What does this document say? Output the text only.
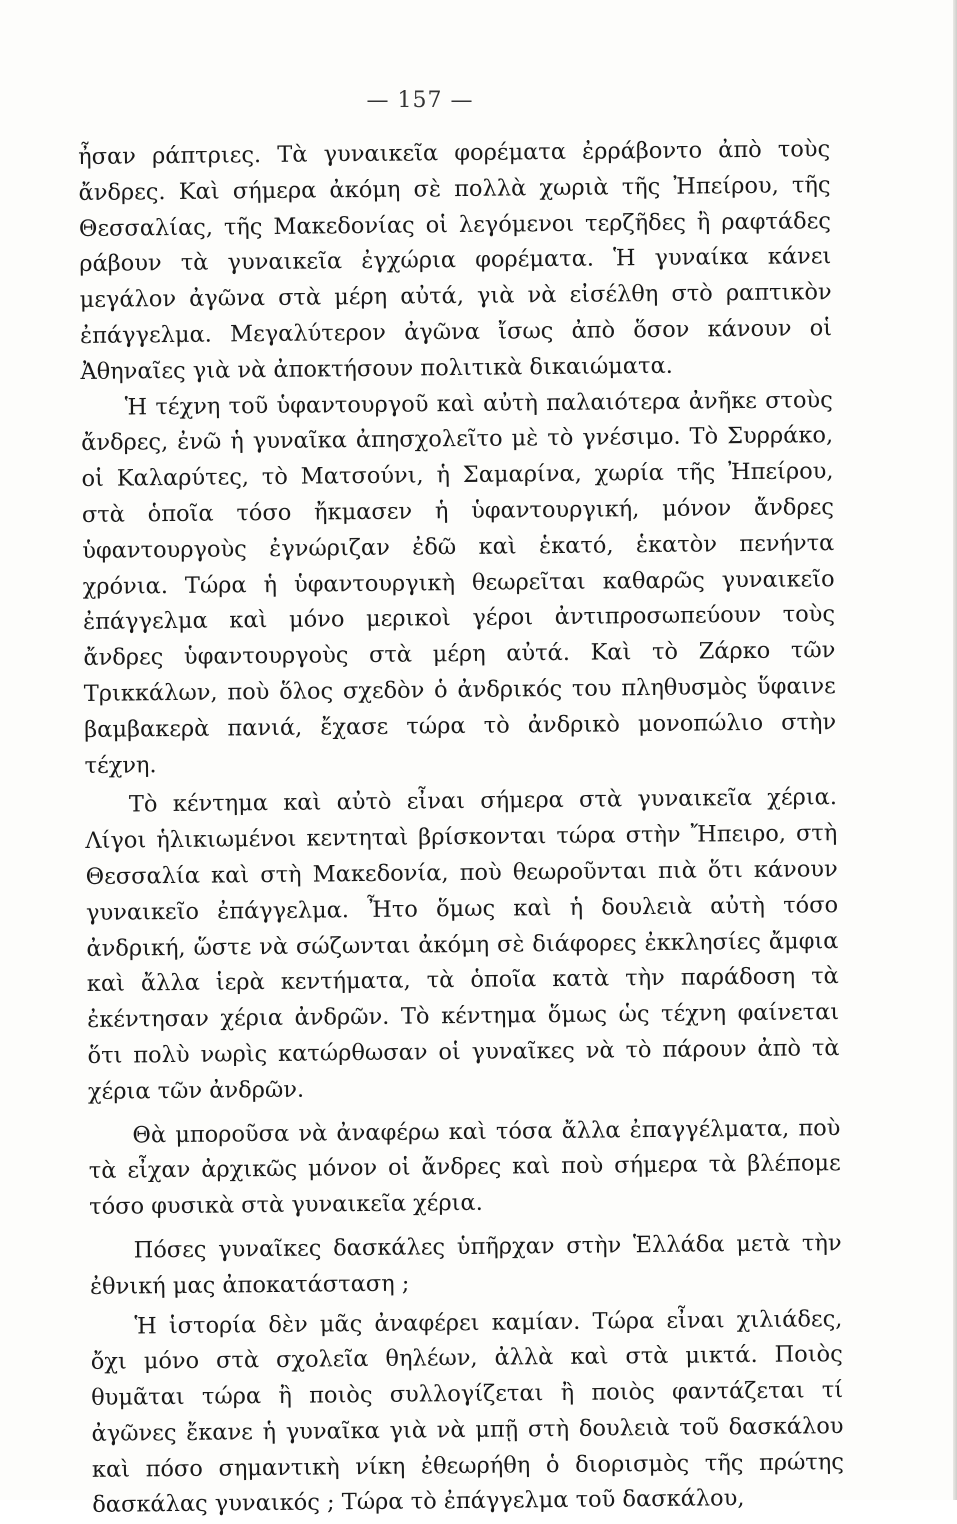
— 157 —

ἦσαν ράπτριες. Τὰ γυναικεῖα φορέματα ἐρράβοντο ἀπὸ τοὺς ἄνδρες. Καὶ σήμερα ἀκόμη σὲ πολλὰ χωριὰ τῆς Ἠπείρου, τῆς Θεσσαλίας, τῆς Μακεδονίας οἱ λεγόμενοι τερζῆδες ἢ ραφτάδες ράβουν τὰ γυναικεῖα ἐγχώρια φορέματα. Ἡ γυναίκα κάνει μεγάλον ἀγῶνα στὰ μέρη αὐτά, γιὰ νὰ εἰσέλθη στὸ ραπτικὸν ἐπάγγελμα. Μεγαλύτερον ἀγῶνα ἴσως ἀπὸ ὅσον κάνουν οἱ Ἀθηναῖες γιὰ νὰ ἀποκτήσουν πολιτικὰ δικαιώματα.

Ἡ τέχνη τοῦ ὑφαντουργοῦ καὶ αὐτὴ παλαιότερα ἀνῆκε στοὺς ἄνδρες, ἐνῶ ἡ γυναῖκα ἀπησχολεῖτο μὲ τὸ γνέσιμο. Τὸ Συρράκο, οἱ Καλαρύτες, τὸ Ματσούνι, ἡ Σαμαρίνα, χωρία τῆς Ἠπείρου, στὰ ὁποῖα τόσο ἤκμασεν ἡ ὑφαντουργική, μόνον ἄνδρες ὑφαντουργοὺς ἐγνώριζαν ἐδῶ καὶ ἑκατό, ἑκατὸν πενήντα χρόνια. Τώρα ἡ ὑφαντουργικὴ θεωρεῖται καθαρῶς γυναικεῖο ἐπάγγελμα καὶ μόνο μερικοὶ γέροι ἀντιπροσωπεύουν τοὺς ἄνδρες ὑφαντουργοὺς στὰ μέρη αὐτά. Καὶ τὸ Ζάρκο τῶν Τρικκάλων, ποὺ ὅλος σχεδὸν ὁ ἀνδρικός του πληθυσμὸς ὕφαινε βαμβακερὰ πανιά, ἔχασε τώρα τὸ ἀνδρικὸ μονοπώλιο στὴν τέχνη.

Τὸ κέντημα καὶ αὐτὸ εἶναι σήμερα στὰ γυναικεῖα χέρια. Λίγοι ἡλικιωμένοι κεντηταὶ βρίσκονται τώρα στὴν Ἤπειρο, στὴ Θεσσαλία καὶ στὴ Μακεδονία, ποὺ θεωροῦνται πιὰ ὅτι κάνουν γυναικεῖο ἐπάγγελμα. Ἦτο ὅμως καὶ ἡ δουλειὰ αὐτὴ τόσο ἀνδρική, ὥστε νὰ σώζωνται ἀκόμη σὲ διάφορες ἐκκλησίες ἄμφια καὶ ἄλλα ἱερὰ κεντήματα, τὰ ὁποῖα κατὰ τὴν παράδοση τὰ ἐκέντησαν χέρια ἀνδρῶν. Τὸ κέντημα ὅμως ὡς τέχνη φαίνεται ὅτι πολὺ νωρὶς κατώρθωσαν οἱ γυναῖκες νὰ τὸ πάρουν ἀπὸ τὰ χέρια τῶν ἀνδρῶν.

Θὰ μποροῦσα νὰ ἀναφέρω καὶ τόσα ἄλλα ἐπαγγέλματα, ποὺ τὰ εἶχαν ἀρχικῶς μόνον οἱ ἄνδρες καὶ ποὺ σήμερα τὰ βλέπομε τόσο φυσικὰ στὰ γυναικεῖα χέρια.

Πόσες γυναῖκες δασκάλες ὑπῆρχαν στὴν Ἑλλάδα μετὰ τὴν ἐθνική μας ἀποκατάσταση ;

Ἡ ἱστορία δὲν μᾶς ἀναφέρει καμίαν. Τώρα εἶναι χιλιάδες, ὄχι μόνο στὰ σχολεῖα θηλέων, ἀλλὰ καὶ στὰ μικτά. Ποιὸς θυμᾶται τώρα ἢ ποιὸς συλλογίζεται ἢ ποιὸς φαντάζεται τί ἀγῶνες ἔκανε ἡ γυναῖκα γιὰ νὰ μπῇ στὴ δουλειὰ τοῦ δασκάλου καὶ πόσο σημαντικὴ νίκη ἐθεωρήθη ὁ διορισμὸς τῆς πρώτης δασκάλας γυναικός ; Τώρα τὸ ἐπάγγελμα τοῦ δασκάλου,
